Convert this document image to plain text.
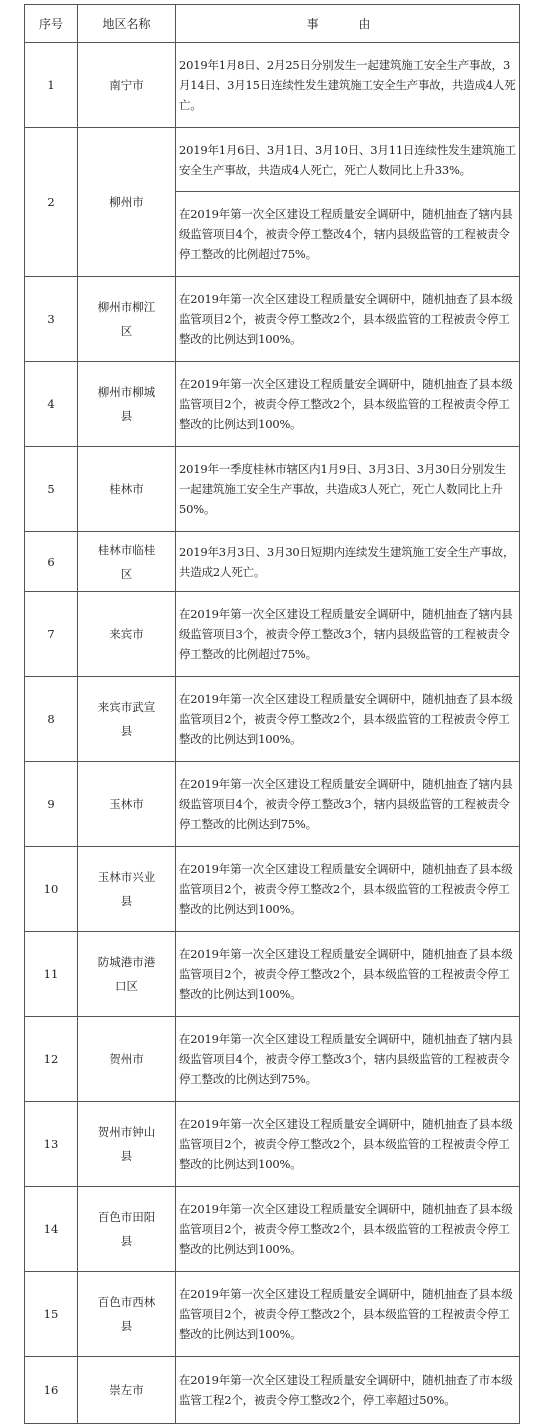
序号	地区名称	事 由
1	南宁市	2019年1月8日、2月25日分别发生一起建筑施工安全生产事故，3月14日、3月15日连续性发生建筑施工安全生产事故，共造成4人死亡。
2	柳州市	2019年1月6日、3月1日、3月10日、3月11日连续性发生建筑施工安全生产事故，共造成4人死亡，死亡人数同比上升33%。
		在2019年第一次全区建设工程质量安全调研中，随机抽查了辖内县级监管项目4个，被责令停工整改4个，辖内县级监管的工程被责令停工整改的比例超过75%。
3	柳州市柳江区	在2019年第一次全区建设工程质量安全调研中，随机抽查了县本级监管项目2个，被责令停工整改2个，县本级监管的工程被责令停工整改的比例达到100%。
4	柳州市柳城县	在2019年第一次全区建设工程质量安全调研中，随机抽查了县本级监管项目2个，被责令停工整改2个，县本级监管的工程被责令停工整改的比例达到100%。
5	桂林市	2019年一季度桂林市辖区内1月9日、3月3日、3月30日分别发生一起建筑施工安全生产事故，共造成3人死亡，死亡人数同比上升50%。
6	桂林市临桂区	2019年3月3日、3月30日短期内连续发生建筑施工安全生产事故，共造成2人死亡。
7	来宾市	在2019年第一次全区建设工程质量安全调研中，随机抽查了辖内县级监管项目3个，被责令停工整改3个，辖内县级监管的工程被责令停工整改的比例超过75%。
8	来宾市武宣县	在2019年第一次全区建设工程质量安全调研中，随机抽查了县本级监管项目2个，被责令停工整改2个，县本级监管的工程被责令停工整改的比例达到100%。
9	玉林市	在2019年第一次全区建设工程质量安全调研中，随机抽查了辖内县级监管项目4个，被责令停工整改3个，辖内县级监管的工程被责令停工整改的比例达到75%。
10	玉林市兴业县	在2019年第一次全区建设工程质量安全调研中，随机抽查了县本级监管项目2个，被责令停工整改2个，县本级监管的工程被责令停工整改的比例达到100%。
11	防城港市港口区	在2019年第一次全区建设工程质量安全调研中，随机抽查了县本级监管项目2个，被责令停工整改2个，县本级监管的工程被责令停工整改的比例达到100%。
12	贺州市	在2019年第一次全区建设工程质量安全调研中，随机抽查了辖内县级监管项目4个，被责令停工整改3个，辖内县级监管的工程被责令停工整改的比例达到75%。
13	贺州市钟山县	在2019年第一次全区建设工程质量安全调研中，随机抽查了县本级监管项目2个，被责令停工整改2个，县本级监管的工程被责令停工整改的比例达到100%。
14	百色市田阳县	在2019年第一次全区建设工程质量安全调研中，随机抽查了县本级监管项目2个，被责令停工整改2个，县本级监管的工程被责令停工整改的比例达到100%。
15	百色市西林县	在2019年第一次全区建设工程质量安全调研中，随机抽查了县本级监管项目2个，被责令停工整改2个，县本级监管的工程被责令停工整改的比例达到100%。
16	崇左市	在2019年第一次全区建设工程质量安全调研中，随机抽查了市本级监管工程2个，被责令停工整改2个，停工率超过50%。
